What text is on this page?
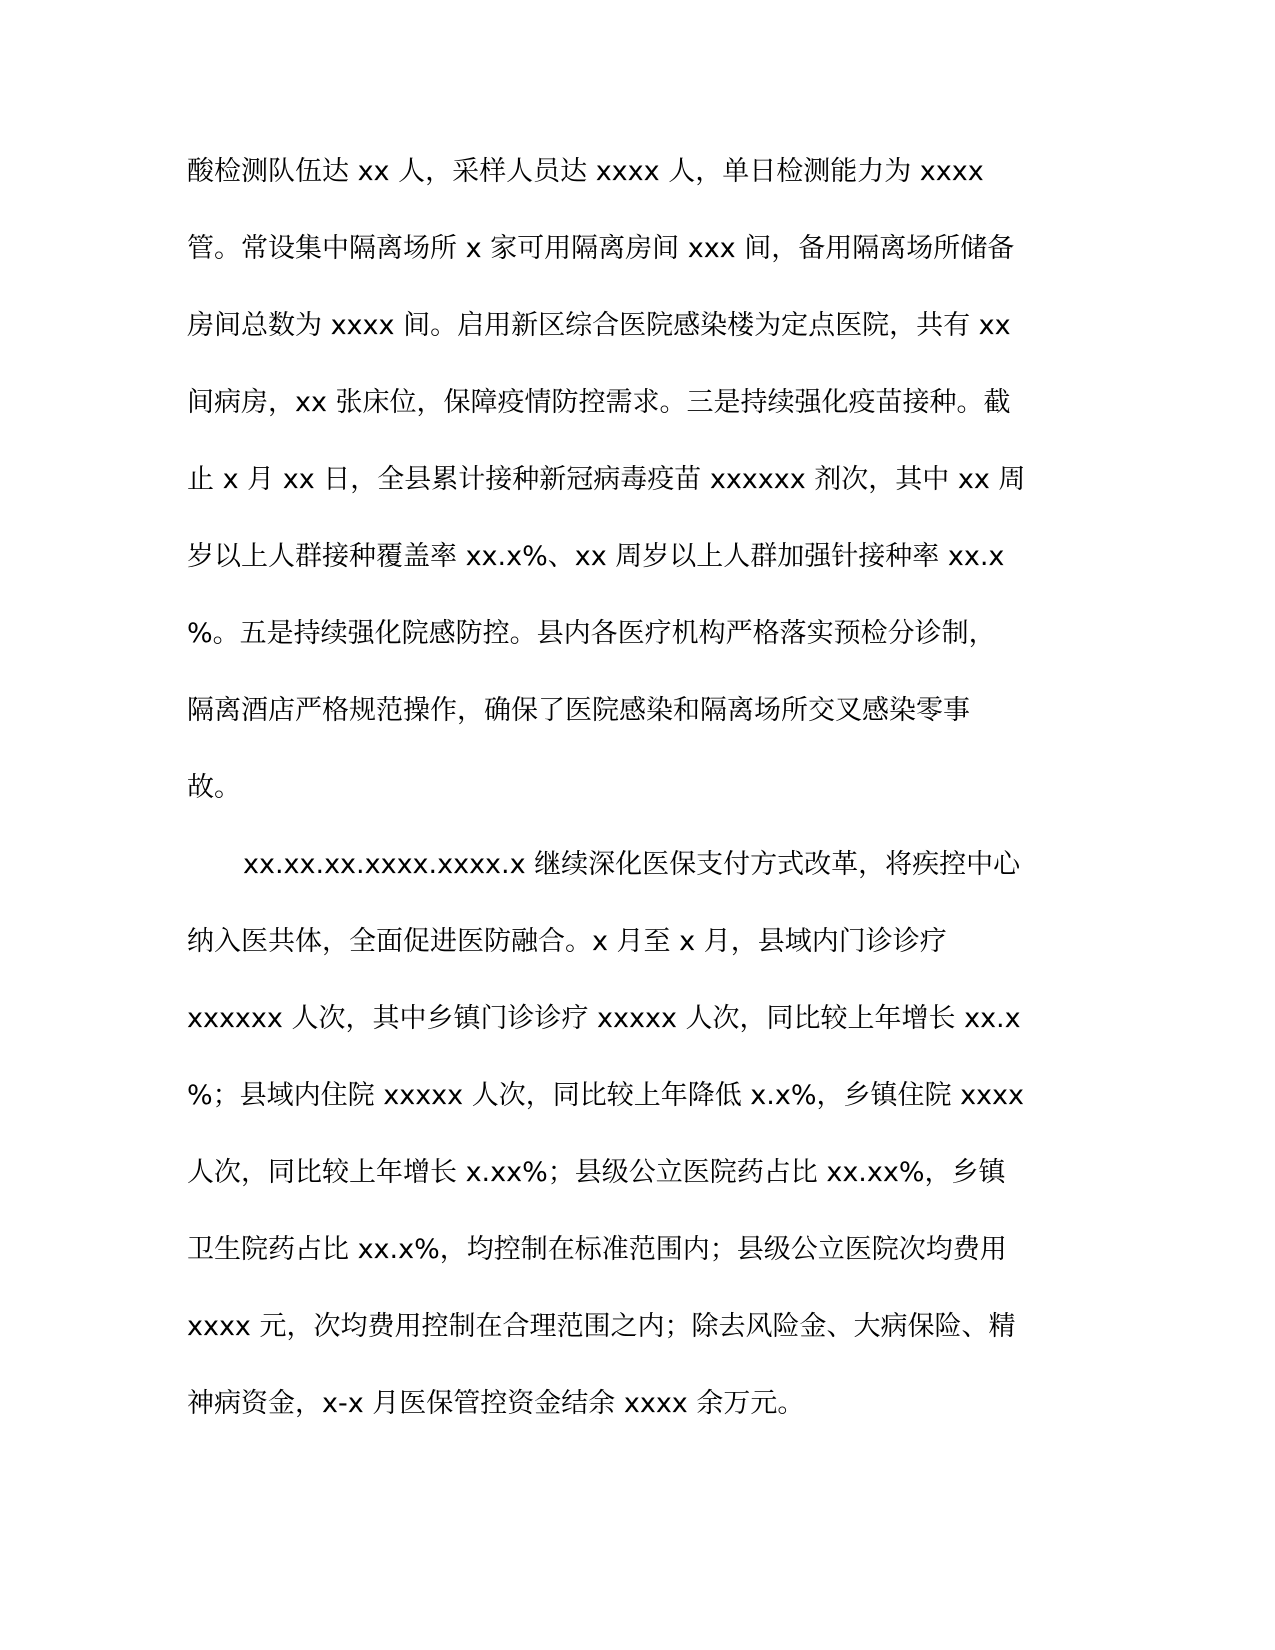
酸检测队伍达 xx 人，采样人员达 xxxx 人，单日检测能力为 xxxx
管。常设集中隔离场所 x 家可用隔离房间 xxx 间，备用隔离场所储备
房间总数为 xxxx 间。启用新区综合医院感染楼为定点医院，共有 xx
间病房，xx 张床位，保障疫情防控需求。三是持续强化疫苗接种。截
止 x 月 xx 日，全县累计接种新冠病毒疫苗 xxxxxx 剂次，其中 xx 周
岁以上人群接种覆盖率 xx.x%、xx 周岁以上人群加强针接种率 xx.x
%。五是持续强化院感防控。县内各医疗机构严格落实预检分诊制，
隔离酒店严格规范操作，确保了医院感染和隔离场所交叉感染零事
故。
xx.xx.xx.xxxx.xxxx.x 继续深化医保支付方式改革，将疾控中心
纳入医共体，全面促进医防融合。x 月至 x 月，县域内门诊诊疗
xxxxxx 人次，其中乡镇门诊诊疗 xxxxx 人次，同比较上年增长 xx.x
%；县域内住院 xxxxx 人次，同比较上年降低 x.x%，乡镇住院 xxxx
人次，同比较上年增长 x.xx%；县级公立医院药占比 xx.xx%，乡镇
卫生院药占比 xx.x%，均控制在标准范围内；县级公立医院次均费用
xxxx 元，次均费用控制在合理范围之内；除去风险金、大病保险、精
神病资金，x-x 月医保管控资金结余 xxxx 余万元。
